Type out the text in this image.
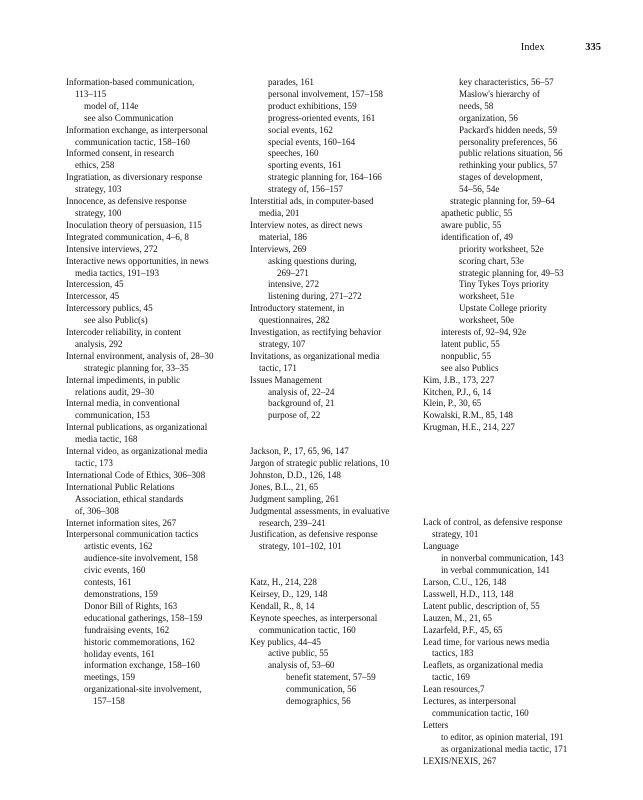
Index	335
Information-based communication,
113–115
model of, 114e
see also Communication
Information exchange, as interpersonal
communication tactic, 158–160
Informed consent, in research
ethics, 258
Ingratiation, as diversionary response
strategy, 103
Innocence, as defensive response
strategy, 100
Inoculation theory of persuasion, 115
Integrated communication, 4–6, 8
Intensive interviews, 272
Interactive news opportunities, in news
media tactics, 191–193
Intercession, 45
Intercessor, 45
Intercessory publics, 45
see also Public(s)
Intercoder reliability, in content
analysis, 292
Internal environment, analysis of, 28–30
strategic planning for, 33–35
Internal impediments, in public
relations audit, 29–30
Internal media, in conventional
communication, 153
Internal publications, as organizational
media tactic, 168
Internal video, as organizational media
tactic, 173
International Code of Ethics, 306–308
International Public Relations
Association, ethical standards
of, 306–308
Internet information sites, 267
Interpersonal communication tactics
artistic events, 162
audience-site involvement, 158
civic events, 160
contests, 161
demonstrations, 159
Donor Bill of Rights, 163
educational gatherings, 158–159
fundraising events, 162
historic commemorations, 162
holiday events, 161
information exchange, 158–160
meetings, 159
organizational-site involvement,
157–158
parades, 161
personal involvement, 157–158
product exhibitions, 159
progress-oriented events, 161
social events, 162
special events, 160–164
speeches, 160
sporting events, 161
strategic planning for, 164–166
strategy of, 156–157
Interstitial ads, in computer-based
media, 201
Interview notes, as direct news
material, 186
Interviews, 269
asking questions during,
269–271
intensive, 272
listening during, 271–272
Introductory statement, in
questionnaires, 282
Investigation, as rectifying behavior
strategy, 107
Invitations, as organizational media
tactic, 171
Issues Management
analysis of, 22–24
background of, 21
purpose of, 22
Jackson, P., 17, 65, 96, 147
Jargon of strategic public relations, 10
Johnston, D.D., 126, 148
Jones, B.L., 21, 65
Judgment sampling, 261
Judgmental assessments, in evaluative
research, 239–241
Justification, as defensive response
strategy, 101–102, 101
Katz, H., 214, 228
Keirsey, D., 129, 148
Kendall, R., 8, 14
Keynote speeches, as interpersonal
communication tactic, 160
Key publics, 44–45
active public, 55
analysis of, 53–60
benefit statement, 57–59
communication, 56
demographics, 56
key characteristics, 56–57
Maslow's hierarchy of
needs, 58
organization, 56
Packard's hidden needs, 59
personality preferences, 56
public relations situation, 56
rethinking your publics, 57
stages of development,
54–56, 54e
strategic planning for, 59–64
apathetic public, 55
aware public, 55
identification of, 49
priority worksheet, 52e
scoring chart, 53e
strategic planning for, 49–53
Tiny Tykes Toys priority
worksheet, 51e
Upstate College priority
worksheet, 50e
interests of, 92–94, 92e
latent public, 55
nonpublic, 55
see also Publics
Kim, J.B., 173, 227
Kitchen, P.J., 6, 14
Klein, P., 30, 65
Kowalski, R.M., 85, 148
Krugman, H.E., 214, 227
Lack of control, as defensive response
strategy, 101
Language
in nonverbal communication, 143
in verbal communication, 141
Larson, C.U., 126, 148
Lasswell, H.D., 113, 148
Latent public, description of, 55
Lauzen, M., 21, 65
Lazarfeld, P.F., 45, 65
Lead time, for various news media
tactics, 183
Leaflets, as organizational media
tactic, 169
Lean resources,7
Lectures, as interpersonal
communication tactic, 160
Letters
to editor, as opinion material, 191
as organizational media tactic, 171
LEXIS/NEXIS, 267
